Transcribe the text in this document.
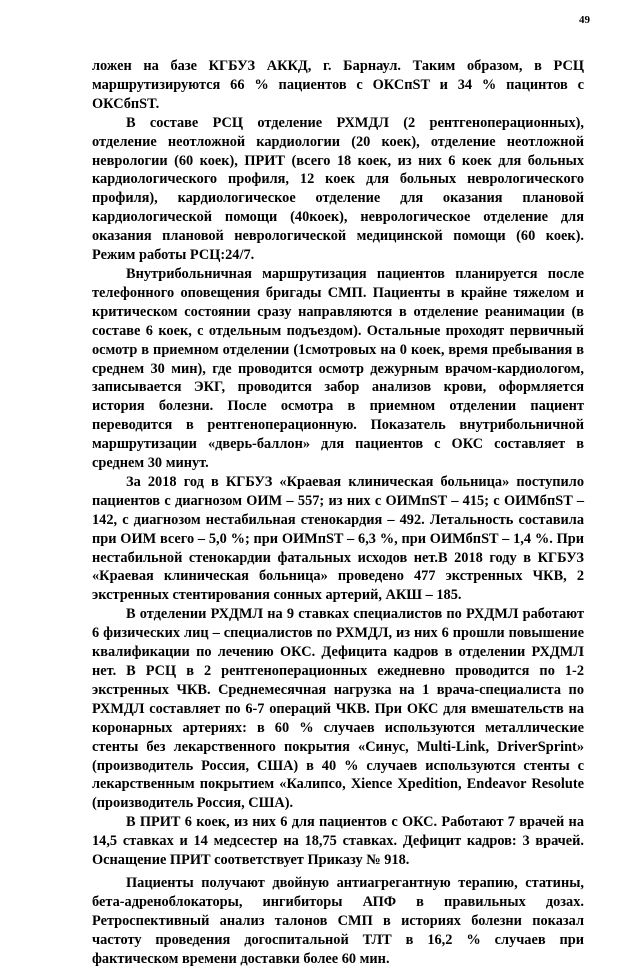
49

ложен на базе КГБУЗ АККД, г. Барнаул. Таким образом, в РСЦ маршрутизируются 66 % пациентов с ОКСпST и 34 % пацинтов с ОКСбпST.

В составе РСЦ отделение РХМДЛ (2 рентгеноперационных), отделение неотложной кардиологии (20 коек), отделение неотложной неврологии (60 коек), ПРИТ (всего 18 коек, из них 6 коек для больных кардиологического профиля, 12 коек для больных неврологического профиля), кардиологическое отделение для оказания плановой кардиологической помощи (40коек), неврологическое отделение для оказания плановой неврологической медицинской помощи (60 коек). Режим работы РСЦ:24/7.

Внутрибольничная маршрутизация пациентов планируется после телефонного оповещения бригады СМП. Пациенты в крайне тяжелом и критическом состоянии сразу направляются в отделение реанимации (в составе 6 коек, с отдельным подъездом). Остальные проходят первичный осмотр в приемном отделении (1смотровых на 0 коек, время пребывания в среднем 30 мин), где проводится осмотр дежурным врачом-кардиологом, записывается ЭКГ, проводится забор анализов крови, оформляется история болезни. После осмотра в приемном отделении пациент переводится в рентгеноперационную. Показатель внутрибольничной маршрутизации «дверь-баллон» для пациентов с ОКС составляет в среднем 30 минут.

За 2018 год в КГБУЗ «Краевая клиническая больница» поступило пациентов с диагнозом ОИМ – 557; из них с ОИМпST – 415; с ОИМбпST – 142, с диагнозом нестабильная стенокардия – 492. Летальность составила при ОИМ всего – 5,0 %; при ОИМпST – 6,3 %, при ОИМбпST – 1,4 %. При нестабильной стенокардии фатальных исходов нет.В 2018 году в КГБУЗ «Краевая клиническая больница» проведено 477 экстренных ЧКВ, 2 экстренных стентирования сонных артерий, АКШ – 185.

В отделении РХДМЛ на 9 ставках специалистов по РХДМЛ работают 6 физических лиц – специалистов по РХМДЛ, из них 6 прошли повышение квалификации по лечению ОКС. Дефицита кадров в отделении РХДМЛ нет. В РСЦ в 2 рентгеноперационных ежедневно проводится по 1-2 экстренных ЧКВ. Среднемесячная нагрузка на 1 врача-специалиста по РХМДЛ составляет по 6-7 операций ЧКВ. При ОКС для вмешательств на коронарных артериях: в 60 % случаев используются металлические стенты без лекарственного покрытия «Синус, Multi-Link, DriverSprint» (производитель Россия, США) в 40 % случаев используются стенты с лекарственным покрытием «Калипсо, Xience Xpedition, Endeavor Resolute (производитель Россия, США).

В ПРИТ 6 коек, из них 6 для пациентов с ОКС. Работают 7 врачей на 14,5 ставках и 14 медсестер на 18,75 ставках. Дефицит кадров: 3 врачей. Оснащение ПРИТ соответствует Приказу № 918.

Пациенты получают двойную антиагрегантную терапию, статины, бета-адреноблокаторы, ингибиторы АПФ в правильных дозах. Ретроспективный анализ талонов СМП в историях болезни показал частоту проведения догоспитальной ТЛТ в 16,2 % случаев при фактическом времени доставки более 60 мин.
